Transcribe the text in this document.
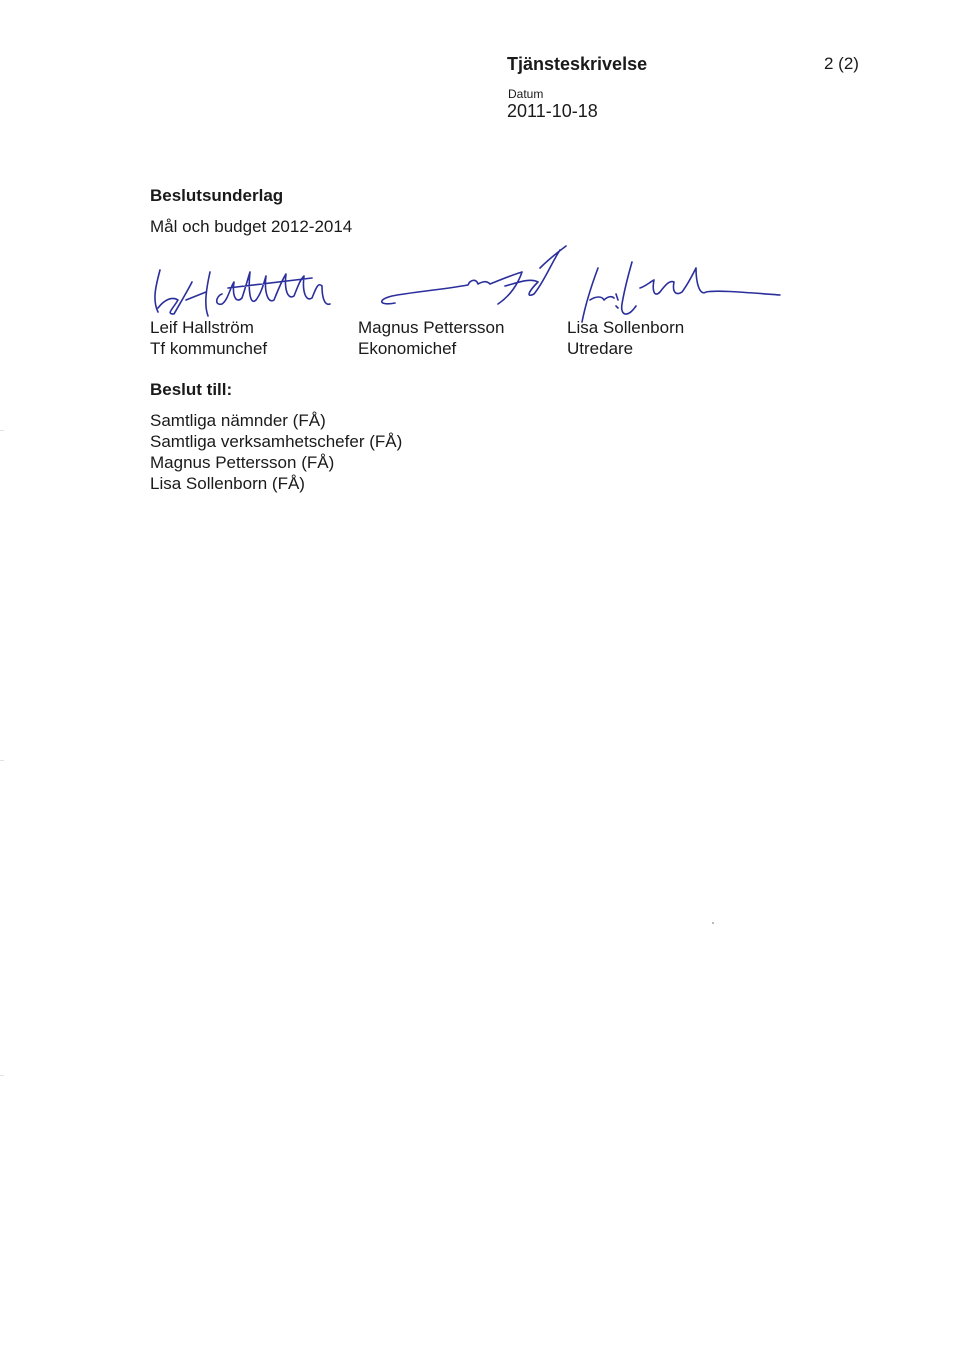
Tjänsteskrivelse	2 (2)
Datum
2011-10-18
Beslutsunderlag
Mål och budget 2012-2014
Leif Hallström
Tf kommunchef
Magnus Pettersson
Ekonomichef
Lisa Sollenborn
Utredare
Beslut till:
Samtliga nämnder (FÅ)
Samtliga verksamhetschefer (FÅ)
Magnus Pettersson (FÅ)
Lisa Sollenborn (FÅ)
